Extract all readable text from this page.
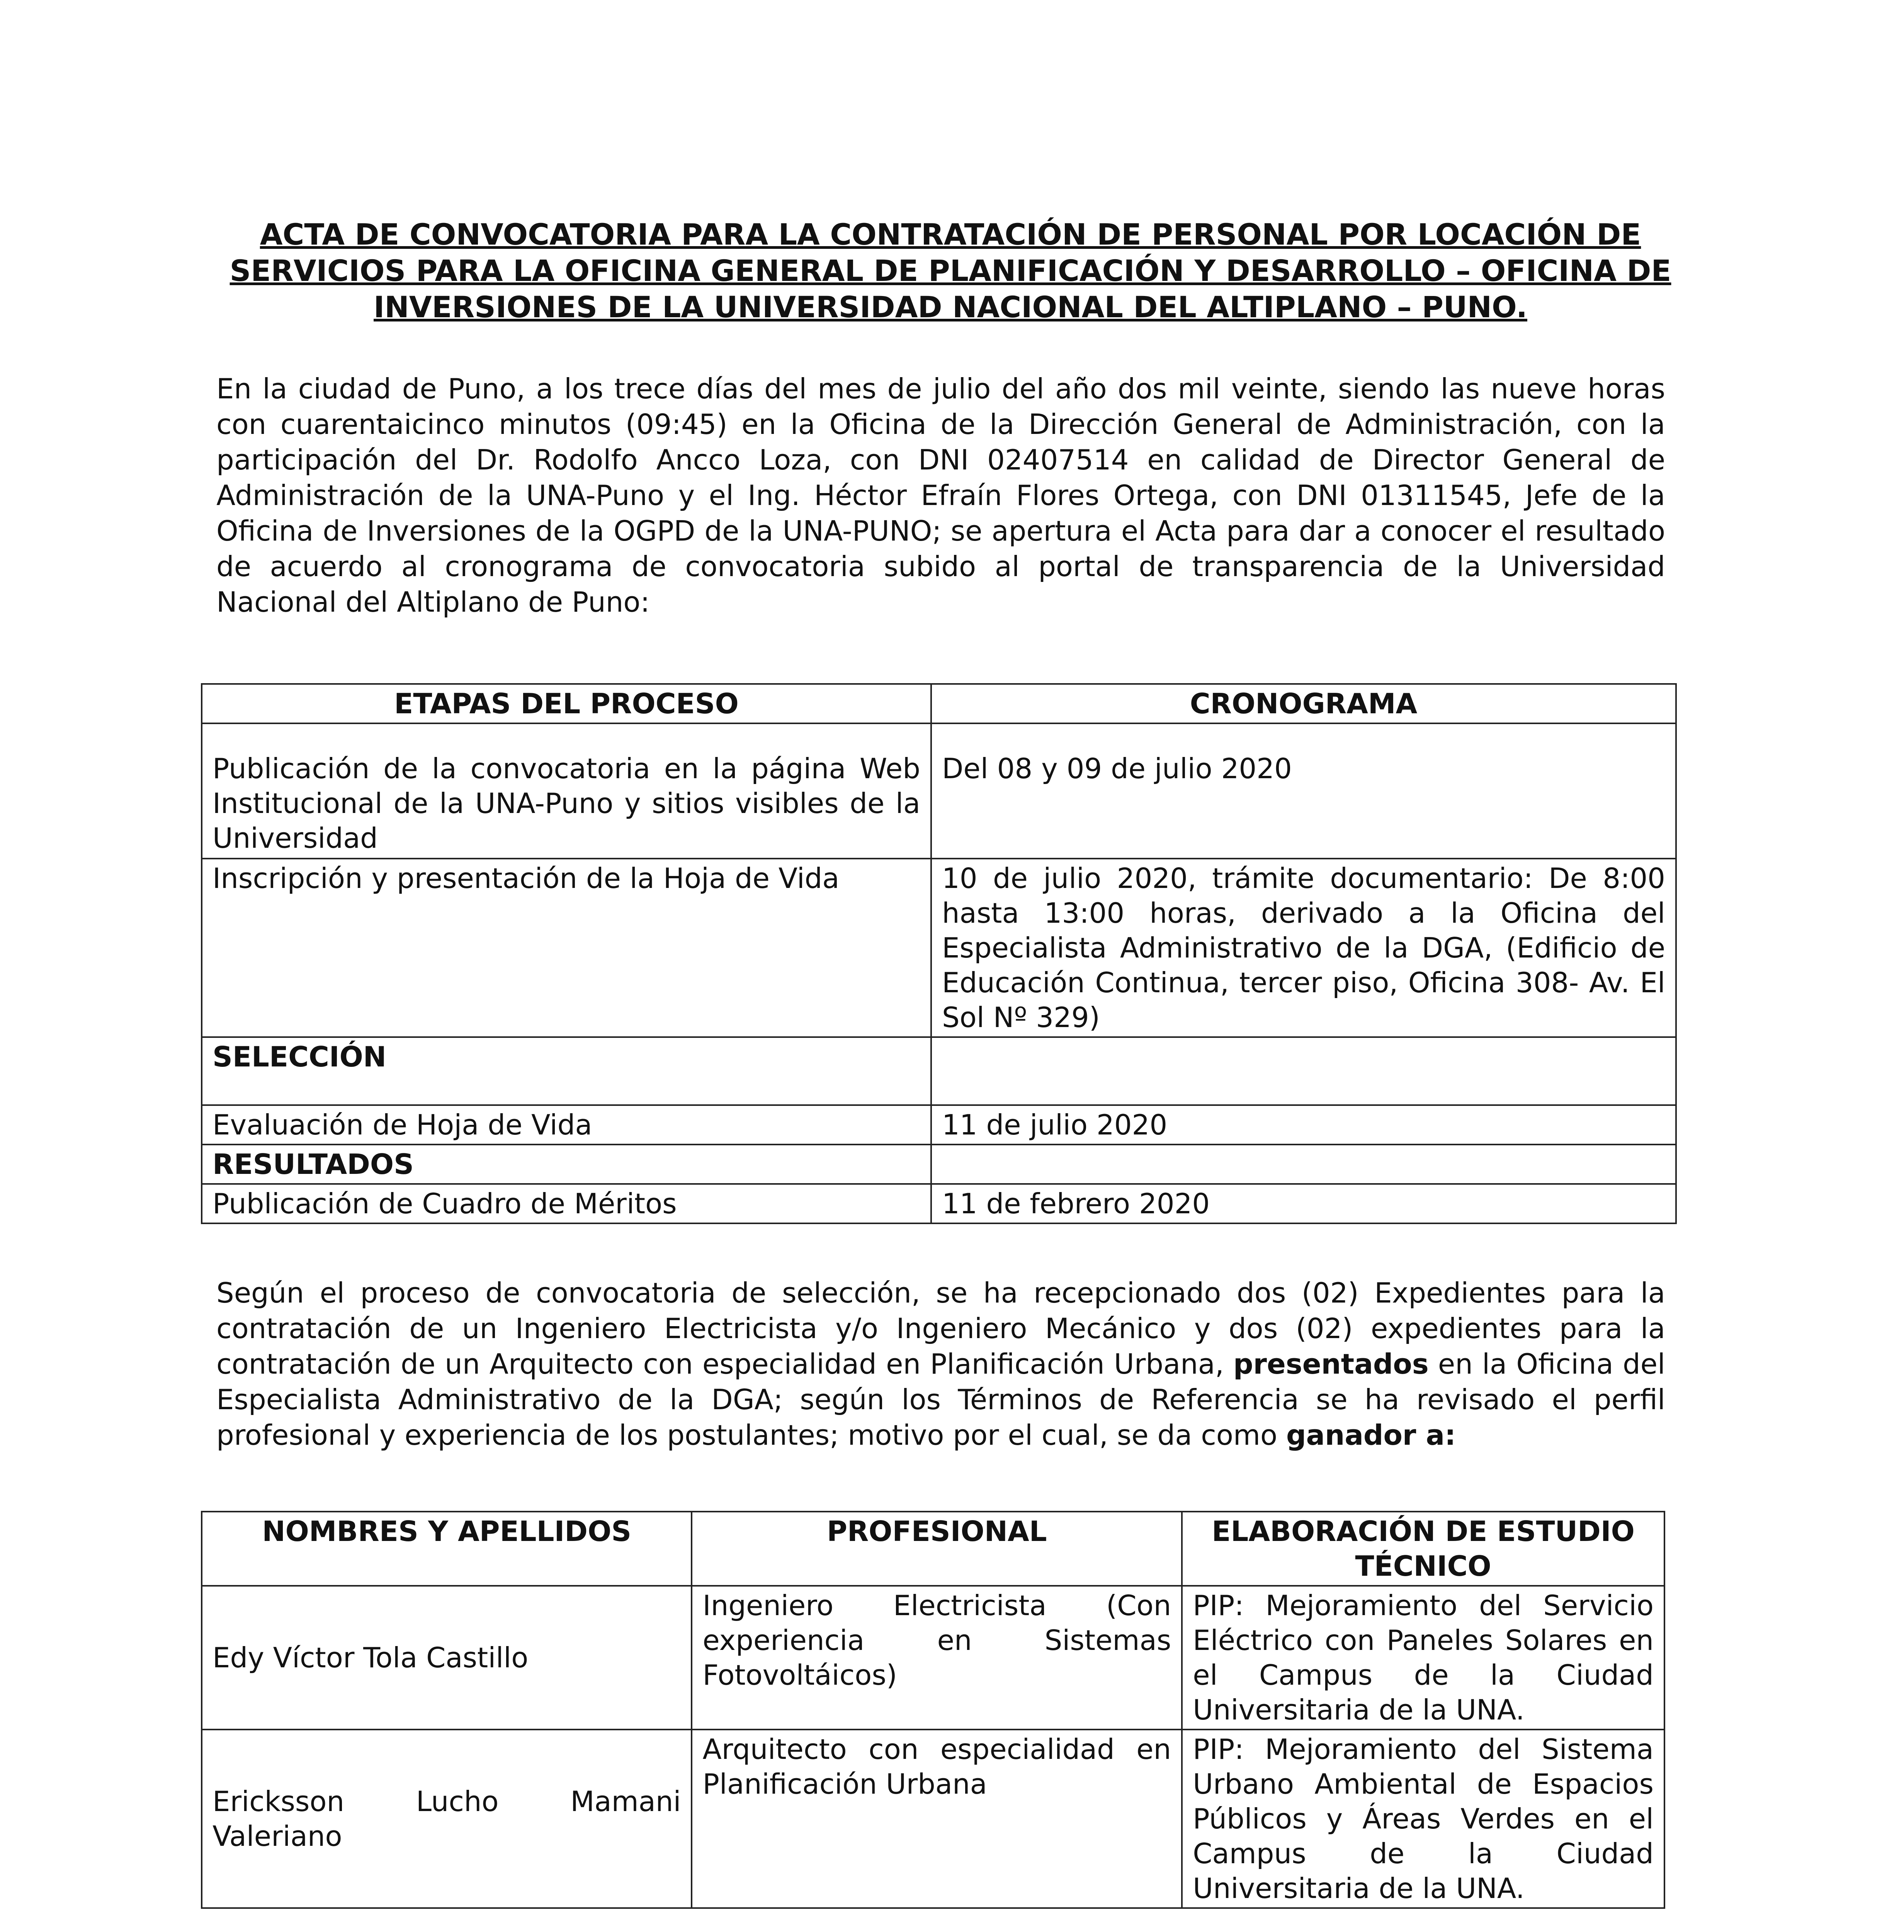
ACTA DE CONVOCATORIA PARA LA CONTRATACIÓN DE PERSONAL POR LOCACIÓN DE SERVICIOS PARA LA OFICINA GENERAL DE PLANIFICACIÓN Y DESARROLLO – OFICINA DE INVERSIONES DE LA UNIVERSIDAD NACIONAL DEL ALTIPLANO – PUNO.
En la ciudad de Puno, a los trece días del mes de julio del año dos mil veinte, siendo las nueve horas con cuarentaicinco minutos (09:45) en la Oficina de la Dirección General de Administración, con la participación del Dr. Rodolfo Ancco Loza, con DNI 02407514 en calidad de Director General de Administración de la UNA-Puno y el Ing. Héctor Efraín Flores Ortega, con DNI 01311545, Jefe de la Oficina de Inversiones de la OGPD de la UNA-PUNO; se apertura el Acta para dar a conocer el resultado de acuerdo al cronograma de convocatoria subido al portal de transparencia de la Universidad Nacional del Altiplano de Puno:
ETAPAS DEL PROCESO	CRONOGRAMA
Publicación de la convocatoria en la página Web Institucional de la UNA-Puno y sitios visibles de la Universidad	Del 08 y 09 de julio 2020
Inscripción y presentación de la Hoja de Vida	10 de julio 2020, trámite documentario: De 8:00 hasta 13:00 horas, derivado a la Oficina del Especialista Administrativo de la DGA, (Edificio de Educación Continua, tercer piso, Oficina 308- Av. El Sol Nº 329)
SELECCIÓN	
Evaluación de Hoja de Vida	11 de julio 2020
RESULTADOS	
Publicación de Cuadro de Méritos	11 de febrero 2020
Según el proceso de convocatoria de selección, se ha recepcionado dos (02) Expedientes para la contratación de un Ingeniero Electricista y/o Ingeniero Mecánico y dos (02) expedientes para la contratación de un Arquitecto con especialidad en Planificación Urbana, presentados en la Oficina del Especialista Administrativo de la DGA; según los Términos de Referencia se ha revisado el perfil profesional y experiencia de los postulantes; motivo por el cual, se da como ganador a:
NOMBRES Y APELLIDOS	PROFESIONAL	ELABORACIÓN DE ESTUDIO TÉCNICO
Edy Víctor Tola Castillo	Ingeniero Electricista (Con experiencia en Sistemas Fotovoltáicos)	PIP: Mejoramiento del Servicio Eléctrico con Paneles Solares en el Campus de la Ciudad Universitaria de la UNA.
Ericksson Lucho Mamani Valeriano	Arquitecto con especialidad en Planificación Urbana	PIP: Mejoramiento del Sistema Urbano Ambiental de Espacios Públicos y Áreas Verdes en el Campus de la Ciudad Universitaria de la UNA.
